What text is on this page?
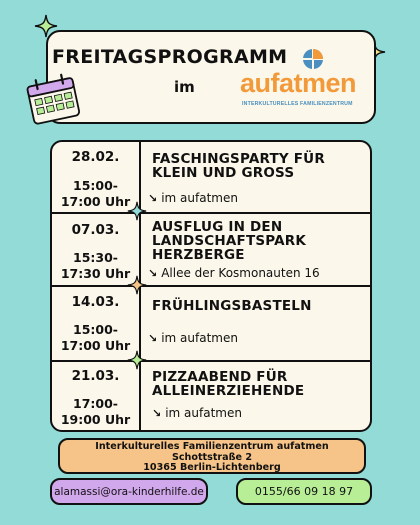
FREITAGSPROGRAMM
im aufatmen
INTERKULTURELLES FAMILIENZENTRUM
28.02.
15:00-
17:00 Uhr
FASCHINGSPARTY FÜR
KLEIN UND GROSS
↘ im aufatmen
07.03.
15:30-
17:30 Uhr
AUSFLUG IN DEN
LANDSCHAFTSPARK
HERZBERGE
↘ Allee der Kosmonauten 16
14.03.
15:00-
17:00 Uhr
FRÜHLINGSBASTELN
↘ im aufatmen
21.03.
17:00-
19:00 Uhr
PIZZAABEND FÜR
ALLEINERZIEHENDE
↘ im aufatmen
Interkulturelles Familienzentrum aufatmen
Schottstraße 2
10365 Berlin-Lichtenberg
alamassi@ora-kinderhilfe.de	0155/66 09 18 97
